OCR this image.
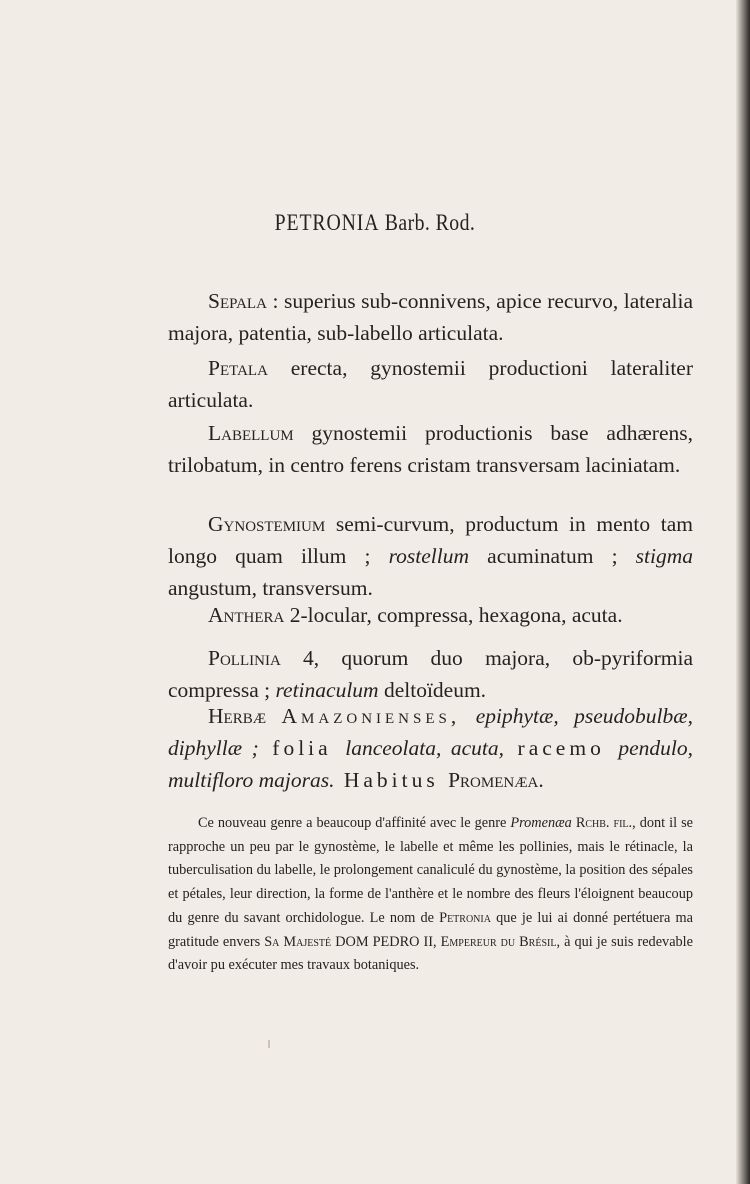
PETRONIA Barb. Rod.
Sepala : superius sub-connivens, apice recurvo, lateralia majora, patentia, sub-labello articulata.
Petala erecta, gynostemii productioni lateraliter articulata.
Labellum gynostemii productionis base adhærens, trilobatum, in centro ferens cristam transversam laciniatam.
Gynostemium semi-curvum, productum in mento tam longo quam illum ; rostellum acuminatum ; stigma angustum, transversum.
Anthera 2-locular, compressa, hexagona, acuta.
Pollinia 4, quorum duo majora, ob-pyriformia compressa ; retinaculum deltoïdeum.
Herbæ Amazonienses, epiphytæ, pseudobulbæ, diphyllæ ; folia lanceolata, acuta, racemo pendulo, multifloro majoras. Habitus Promenæa.
Ce nouveau genre a beaucoup d'affinité avec le genre Promenæa Rchb. fil., dont il se rapproche un peu par le gynostème, le labelle et même les pollinies, mais le rétinacle, la tuberculisation du labelle, le prolongement canaliculé du gynostème, la position des sépales et pétales, leur direction, la forme de l'anthère et le nombre des fleurs l'éloignent beaucoup du genre du savant orchidologue. Le nom de Petronia que je lui ai donné pertétuera ma gratitude envers Sa Majesté DOM PEDRO II, Empereur du Brésil, à qui je suis redevable d'avoir pu exécuter mes travaux botaniques.
